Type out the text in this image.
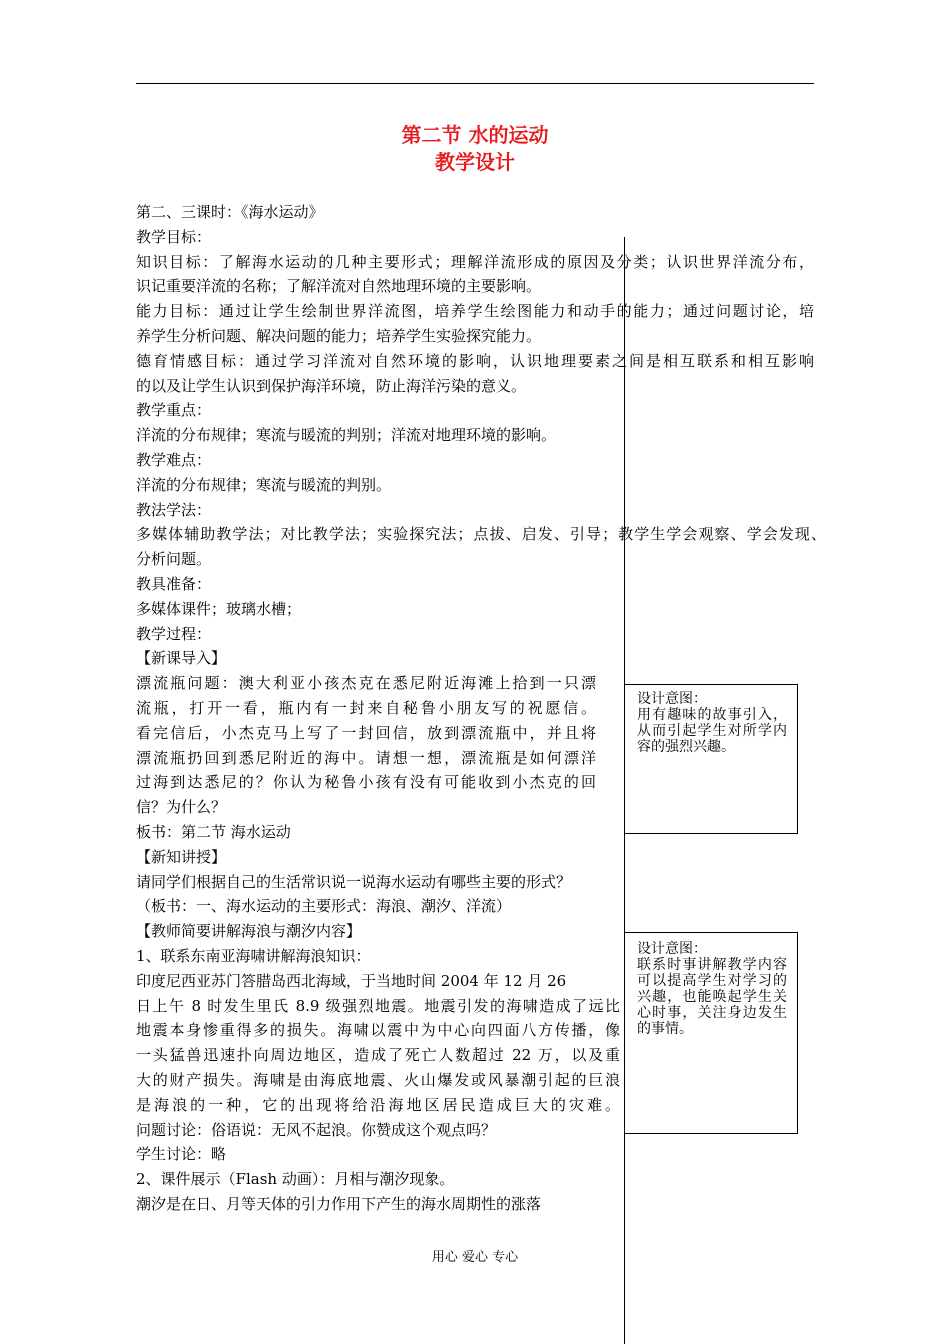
第二节 水的运动
教学设计
第二、三课时：《海水运动》
教学目标：
知识目标：了解海水运动的几种主要形式；理解洋流形成的原因及分类；认识世界洋流分布，
识记重要洋流的名称；了解洋流对自然地理环境的主要影响。
能力目标：通过让学生绘制世界洋流图，培养学生绘图能力和动手的能力；通过问题讨论，培
养学生分析问题、解决问题的能力；培养学生实验探究能力。
德育情感目标：通过学习洋流对自然环境的影响，认识地理要素之间是相互联系和相互影响
的以及让学生认识到保护海洋环境，防止海洋污染的意义。
教学重点：
洋流的分布规律；寒流与暖流的判别；洋流对地理环境的影响。
教学难点：
洋流的分布规律；寒流与暖流的判别。
教法学法：
多媒体辅助教学法；对比教学法；实验探究法；点拔、启发、引导；教学生学会观察、学会发现、
分析问题。
教具准备：
多媒体课件；玻璃水槽；
教学过程：
【新课导入】
漂流瓶问题：澳大利亚小孩杰克在悉尼附近海滩上拾到一只漂
流瓶，打开一看，瓶内有一封来自秘鲁小朋友写的祝愿信。
看完信后，小杰克马上写了一封回信，放到漂流瓶中，并且将
漂流瓶扔回到悉尼附近的海中。请想一想，漂流瓶是如何漂洋
过海到达悉尼的？你认为秘鲁小孩有没有可能收到小杰克的回
信？为什么？
板书：第二节 海水运动
【新知讲授】
请同学们根据自己的生活常识说一说海水运动有哪些主要的形式？
（板书：一、海水运动的主要形式：海浪、潮汐、洋流）
【教师简要讲解海浪与潮汐内容】
1、联系东南亚海啸讲解海浪知识：
印度尼西亚苏门答腊岛西北海域，于当地时间 2004 年 12 月 26
日上午 8 时发生里氏 8.9 级强烈地震。地震引发的海啸造成了远比
地震本身惨重得多的损失。海啸以震中为中心向四面八方传播，像
一头猛兽迅速扑向周边地区，造成了死亡人数超过 22 万，以及重
大的财产损失。海啸是由海底地震、火山爆发或风暴潮引起的巨浪
是海浪的一种，它的出现将给沿海地区居民造成巨大的灾难。
问题讨论：俗语说：无风不起浪。你赞成这个观点吗？
学生讨论：略
2、课件展示（Flash 动画）：月相与潮汐现象。
潮汐是在日、月等天体的引力作用下产生的海水周期性的涨落
设计意图：
用有趣味的故事引入，从而引起学生对所学内容的强烈兴趣。
设计意图：
联系时事讲解教学内容可以提高学生对学习的兴趣，也能唤起学生关心时事，关注身边发生的事情。
用心 爱心 专心
